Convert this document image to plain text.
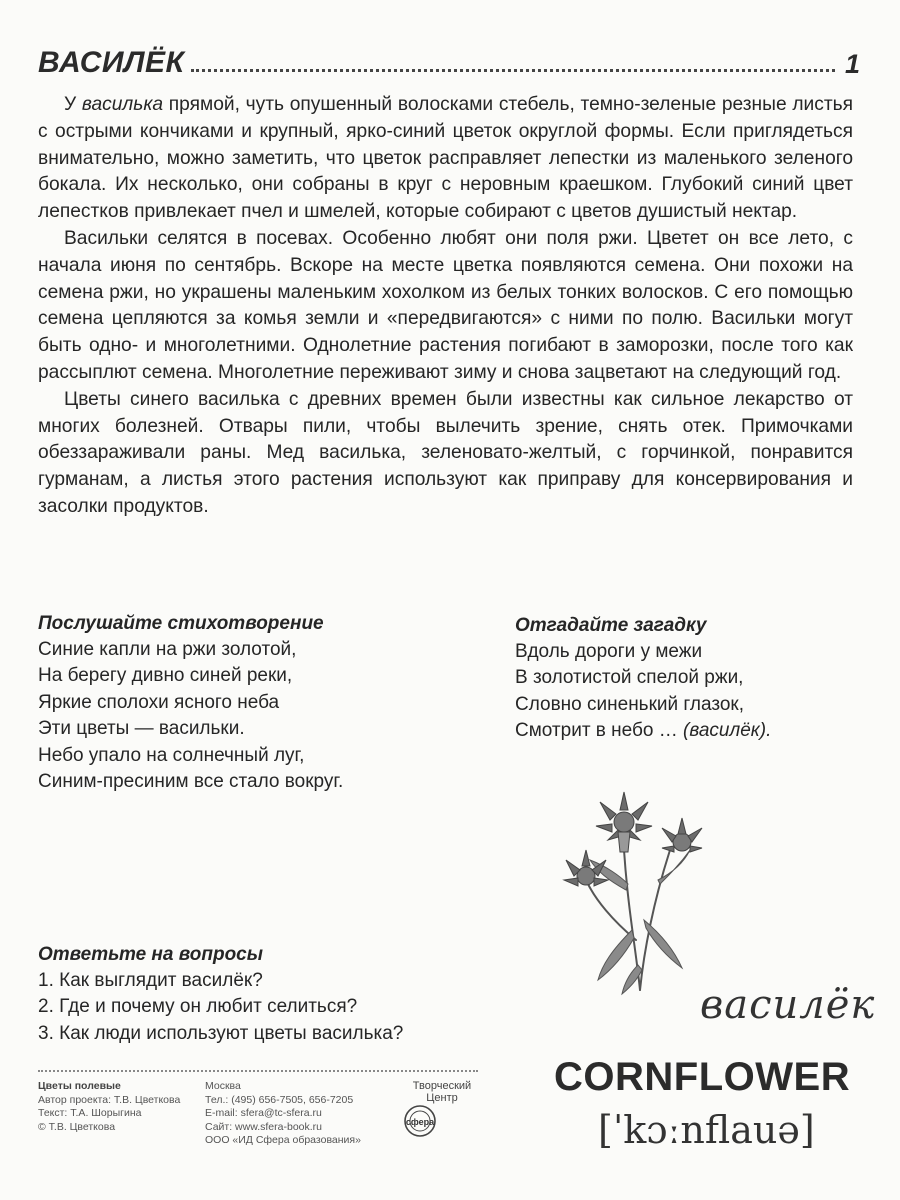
ВАСИЛЁК	1

У василька прямой, чуть опушенный волосками стебель, темно-зеленые резные листья с острыми кончиками и крупный, ярко-синий цветок округлой формы. Если приглядеться внимательно, можно заметить, что цветок расправляет лепестки из маленького зеленого бокала. Их несколько, они собраны в круг с неровным краешком. Глубокий синий цвет лепестков привлекает пчел и шмелей, которые собирают с цветов душистый нектар.

Васильки селятся в посевах. Особенно любят они поля ржи. Цветет он все лето, с начала июня по сентябрь. Вскоре на месте цветка появляются семена. Они похожи на семена ржи, но украшены маленьким хохолком из белых тонких волосков. С его помощью семена цепляются за комья земли и «передвигаются» с ними по полю. Васильки могут быть одно- и многолетними. Однолетние растения погибают в заморозки, после того как рассыплют семена. Многолетние переживают зиму и снова зацветают на следующий год.

Цветы синего василька с древних времен были известны как сильное лекарство от многих болезней. Отвары пили, чтобы вылечить зрение, снять отек. Примочками обеззараживали раны. Мед василька, зеленовато-желтый, с горчинкой, понравится гурманам, а листья этого растения используют как приправу для консервирования и засолки продуктов.

Послушайте стихотворение
Синие капли на ржи золотой,
На берегу дивно синей реки,
Яркие сполохи ясного неба
Эти цветы — васильки.
Небо упало на солнечный луг,
Синим-пресиним все стало вокруг.
Отгадайте загадку
Вдоль дороги у межи
В золотистой спелой ржи,
Словно синенький глазок,
Смотрит в небо … (василёк).
Ответьте на вопросы
1. Как выглядит василёк?
2. Где и почему он любит селиться?
3. Как люди используют цветы василька?
василёк
CORNFLOWER
[ˈkɔːnflauə]
Цветы полевые
Автор проекта: Т.В. Цветкова
Текст: Т.А. Шорыгина
© Т.В. Цветкова
Москва
Тел.: (495) 656-7505, 656-7205
E-mail: sfera@tc-sfera.ru
Сайт: www.sfera-book.ru
ООО «ИД Сфера образования»
Творческий
Центр
сфера
